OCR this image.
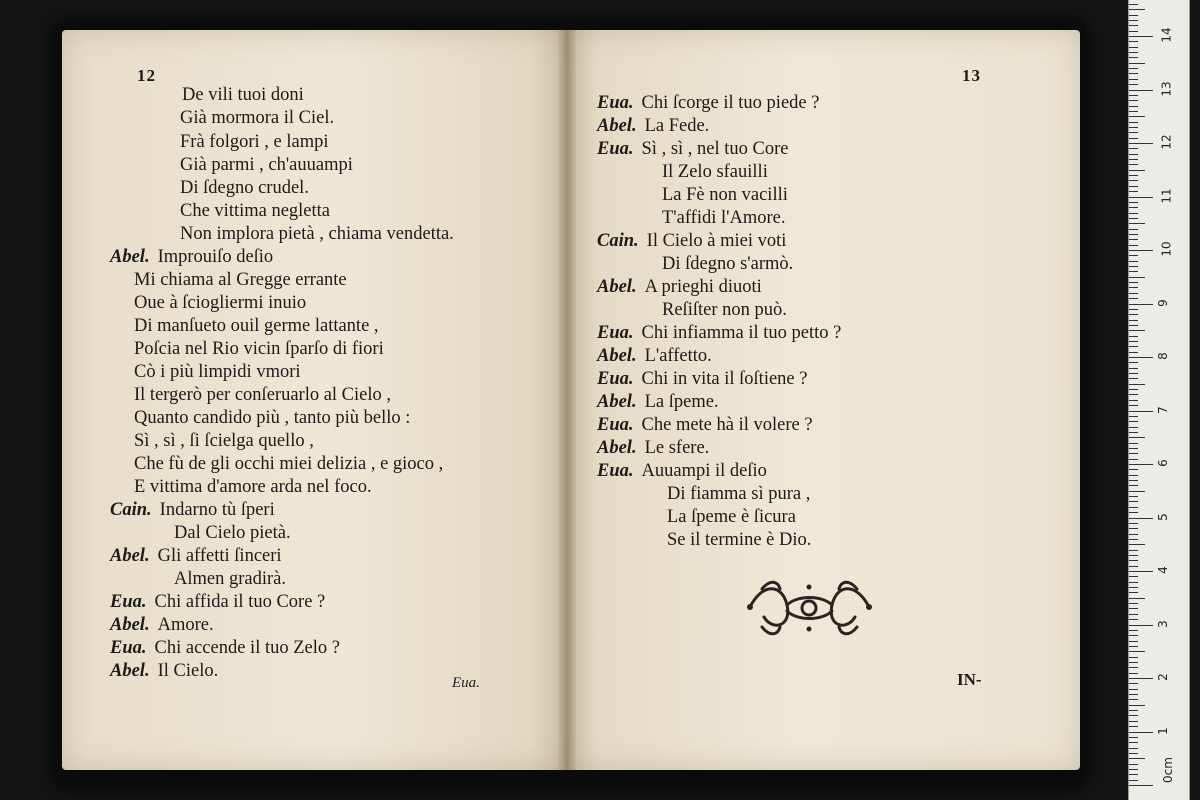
12
De vili tuoi doni
Già mormora il Ciel.
Frà folgori , e lampi
Già parmi , ch'auuampi
Di ſdegno crudel.
Che vittima negletta
Non implora pietà , chiama vendetta.
Abel. Improuiſo deſio
Mi chiama al Gregge errante
Oue à ſciogliermi inuio
Di manſueto ouil germe lattante ,
Poſcia nel Rio vicin ſparſo di fiori
Cò i più limpidi vmori
Il tergerò per conſeruarlo al Cielo ,
Quanto candido più , tanto più bello :
Sì , sì , ſi ſcielga quello ,
Che fù de gli occhi miei delizia , e gioco ,
E vittima d'amore arda nel foco.
Cain. Indarno tù ſperi
Dal Cielo pietà.
Abel. Gli affetti ſinceri
Almen gradirà.
Eua. Chi affida il tuo Core ?
Abel. Amore.
Eua. Chi accende il tuo Zelo ?
Abel. Il Cielo.
Eua.
13
Eua. Chi ſcorge il tuo piede ?
Abel. La Fede.
Eua. Sì , sì , nel tuo Core
Il Zelo sfauilli
La Fè non vacilli
T'affidi l'Amore.
Cain. Il Cielo à miei voti
Di ſdegno s'armò.
Abel. A prieghi diuoti
Reſiſter non può.
Eua. Chi infiamma il tuo petto ?
Abel. L'affetto.
Eua. Chi in vita il ſoſtiene ?
Abel. La ſpeme.
Eua. Che mete hà il volere ?
Abel. Le sfere.
Eua. Auuampi il deſio
Di fiamma sì pura ,
La ſpeme è ſicura
Se il termine è Dio.
IN-
0cm
1
2
3
4
5
6
7
8
9
10
11
12
13
14
